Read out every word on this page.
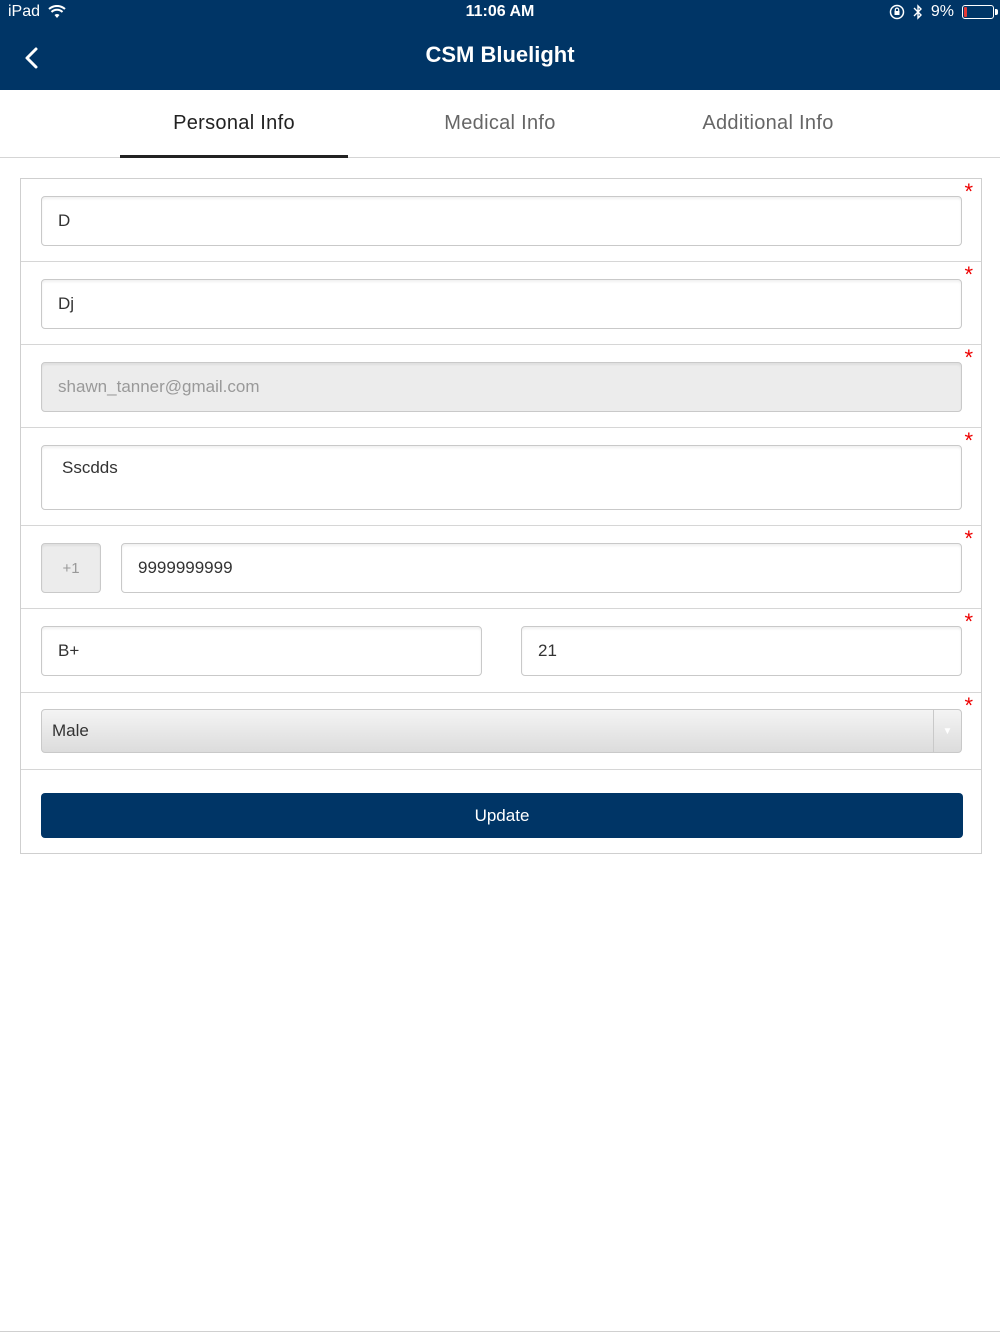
iPad	11:06 AM	9%
CSM Bluelight
Personal Info	Medical Info	Additional Info
*
D
*
Dj
*
shawn_tanner@gmail.com
*
Sscdds
*
+1	9999999999
*
B+	21
*
Male	▼
Update
